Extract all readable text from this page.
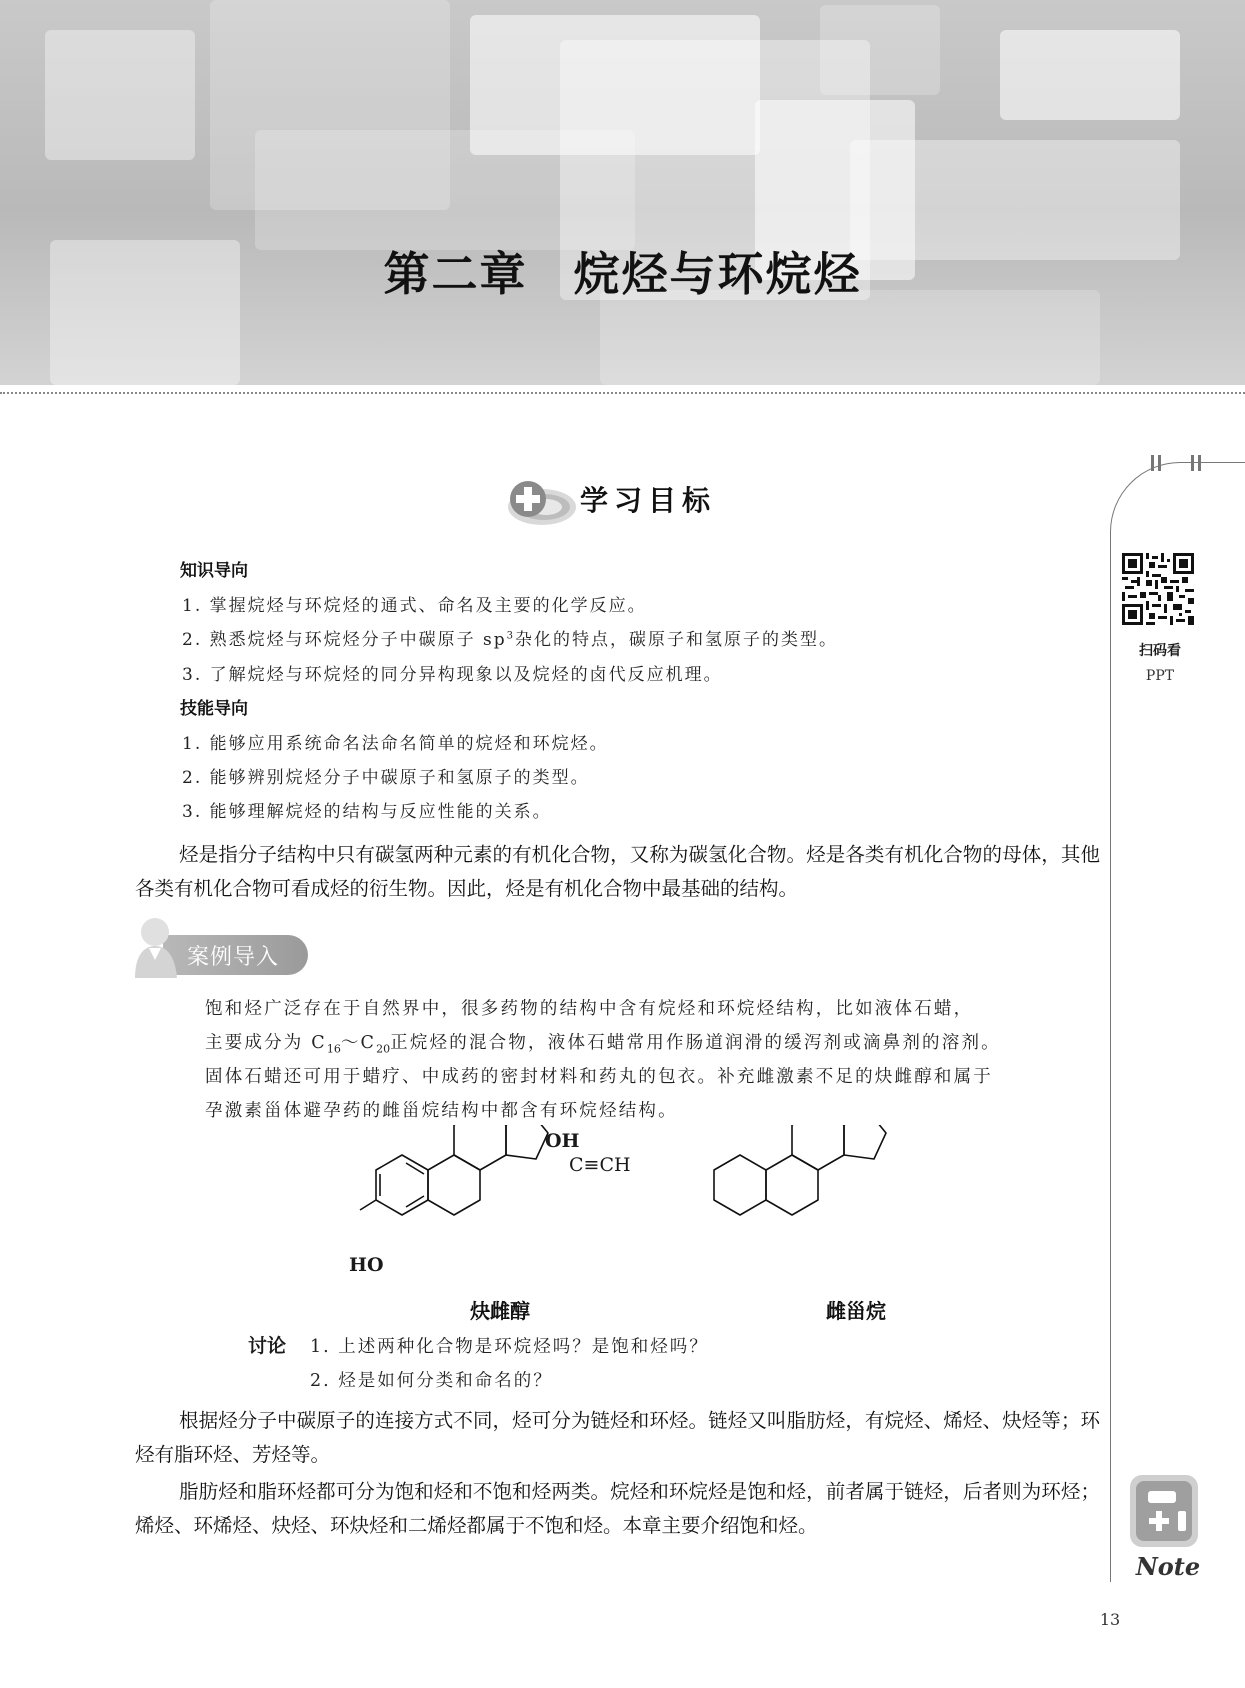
第二章 烷烃与环烷烃
扫码看
PPT
Note
13
学习目标
知识导向
1. 掌握烷烃与环烷烃的通式、命名及主要的化学反应。
2. 熟悉烷烃与环烷烃分子中碳原子 $sp^3$杂化的特点，碳原子和氢原子的类型。
3. 了解烷烃与环烷烃的同分异构现象以及烷烃的卤代反应机理。
技能导向
1. 能够应用系统命名法命名简单的烷烃和环烷烃。
2. 能够辨别烷烃分子中碳原子和氢原子的类型。
3. 能够理解烷烃的结构与反应性能的关系。

烃是指分子结构中只有碳氢两种元素的有机化合物，又称为碳氢化合物。烃是各类有机化合物的母体，其他各类有机化合物可看成烃的衍生物。因此，烃是有机化合物中最基础的结构。

案例导入
饱和烃广泛存在于自然界中，很多药物的结构中含有烷烃和环烷烃结构，比如液体石蜡，
主要成分为 $C_{16}\sim C_{20}$正烷烃的混合物，液体石蜡常用作肠道润滑的缓泻剂或滴鼻剂的溶剂。
固体石蜡还可用于蜡疗、中成药的密封材料和药丸的包衣。补充雌激素不足的炔雌醇和属于
孕激素甾体避孕药的雌甾烷结构中都含有环烷烃结构。
OH
C≡CH
HO
炔雌醇	雌甾烷
讨论 1. 上述两种化合物是环烷烃吗？是饱和烃吗？
2. 烃是如何分类和命名的？

根据烃分子中碳原子的连接方式不同，烃可分为链烃和环烃。链烃又叫脂肪烃，有烷烃、烯烃、炔烃等；环烃有脂环烃、芳烃等。

脂肪烃和脂环烃都可分为饱和烃和不饱和烃两类。烷烃和环烷烃是饱和烃，前者属于链烃，后者则为环烃；烯烃、环烯烃、炔烃、环炔烃和二烯烃都属于不饱和烃。本章主要介绍饱和烃。
